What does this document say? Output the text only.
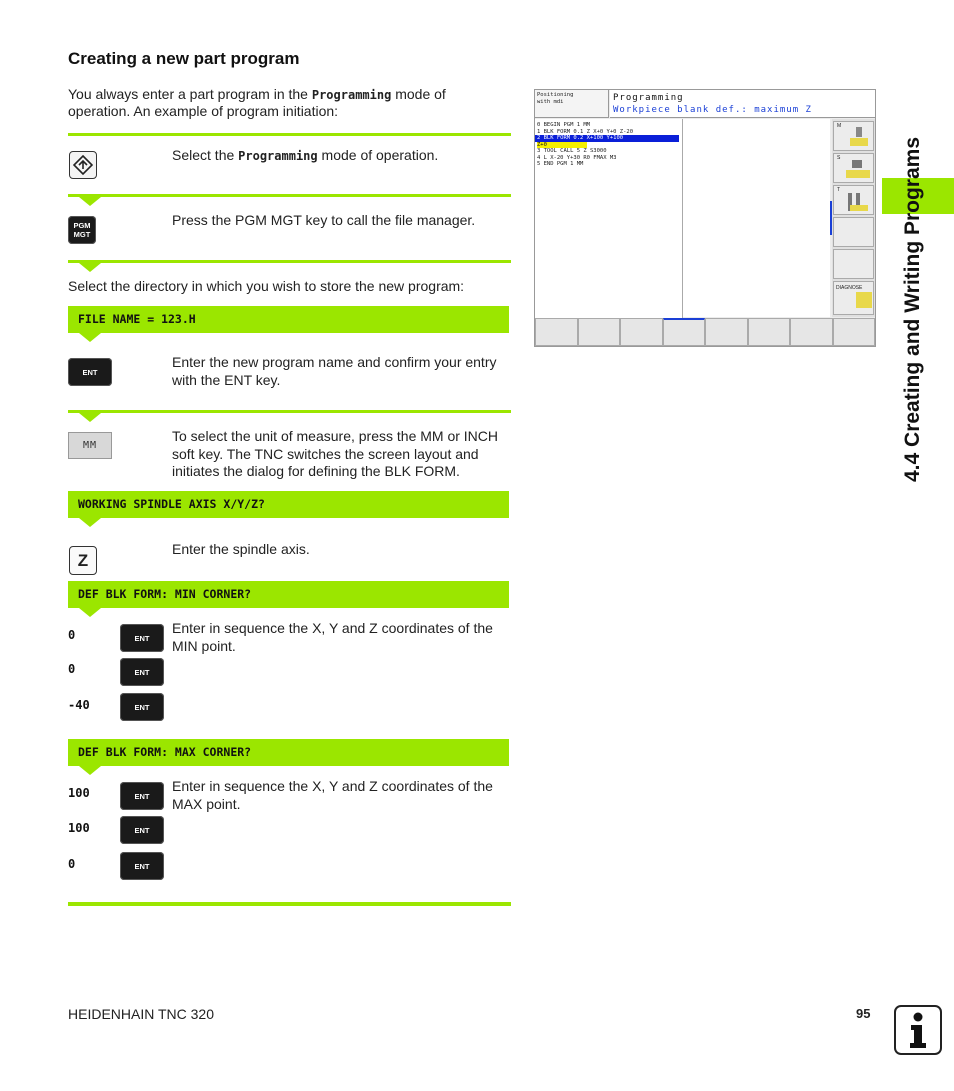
Creating a new part program
You always enter a part program in the Programming mode of operation. An example of program initiation:
Select the Programming mode of operation.
PGM
MGT
Press the PGM MGT key to call the file manager.
Select the directory in which you wish to store the new program:
FILE NAME = 123.H
ENT
Enter the new program name and confirm your entry with the ENT key.
MM
To select the unit of measure, press the MM or INCH soft key. The TNC switches the screen layout and initiates the dialog for defining the BLK FORM.
WORKING SPINDLE AXIS X/Y/Z?
Z
Enter the spindle axis.
DEF BLK FORM: MIN CORNER?
0	ENT
0	ENT
-40	ENT
Enter in sequence the X, Y and Z coordinates of the MIN point.
DEF BLK FORM: MAX CORNER?
100	ENT
100	ENT
0	ENT
Enter in sequence the X, Y and Z coordinates of the MAX point.
Positioning
with mdi	Programming
Workpiece blank def.: maximum Z
0 BEGIN PGM 1 MM
1 BLK FORM 0.1 Z X+0 Y+0 Z-20
2 BLK FORM 0.2 X+100 Y+100
Z+0
3 TOOL CALL 5 Z S3000
4 L X-20 Y+30 R0 FMAX M3
5 END PGM 1 MM
M
S
T
DIAGNOSE	4.4 Creating and Writing Programs
HEIDENHAIN TNC 320	95
